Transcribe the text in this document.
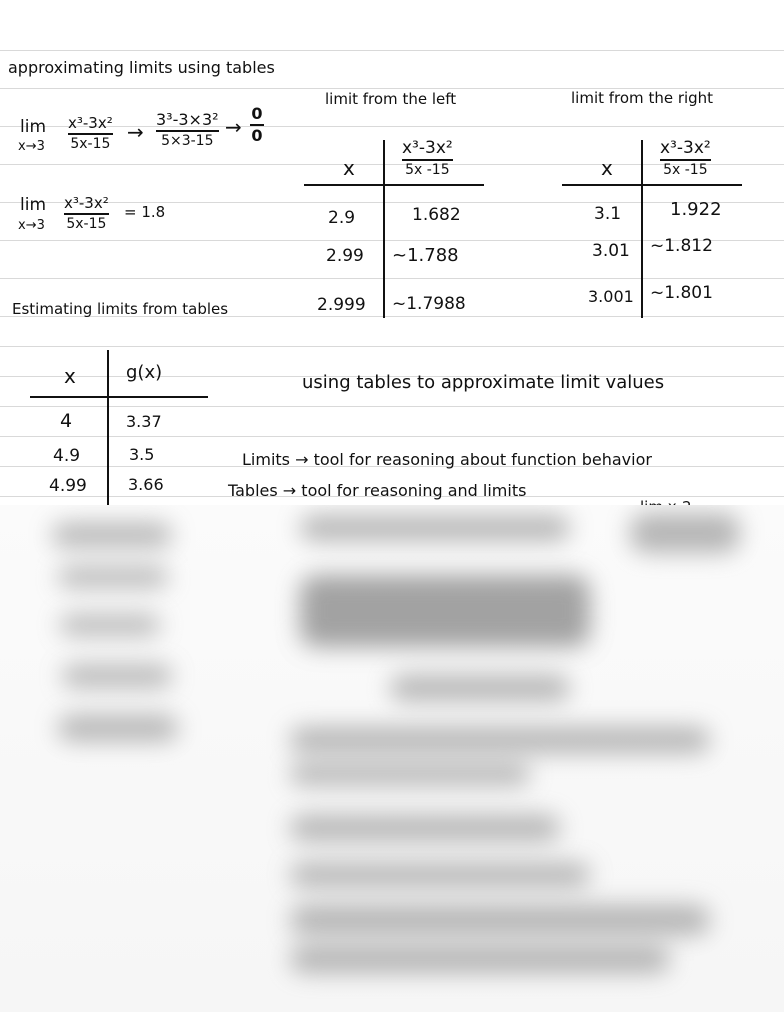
approximating limits using tables
lim
x→3
x³-3x²
5x-15 →
3³-3×3²
5×3-15
→
0
0
lim
x→3
x³-3x²
5x-15
= 1.8
limit from the left
x
x³-3x²
5x -15
2.9	1.682
2.99 ~1.788
2.999 ~1.7988
limit from the right
x
x³-3x²
5x -15
3.1	1.922
3.01 ~1.812
3.001 ~1.801
Estimating limits from tables
x	g(x)
4	3.37
4.9	3.5
4.99	3.66
using tables to approximate limit values
Limits → tool for reasoning about function behavior
Tables → tool for reasoning and limits
